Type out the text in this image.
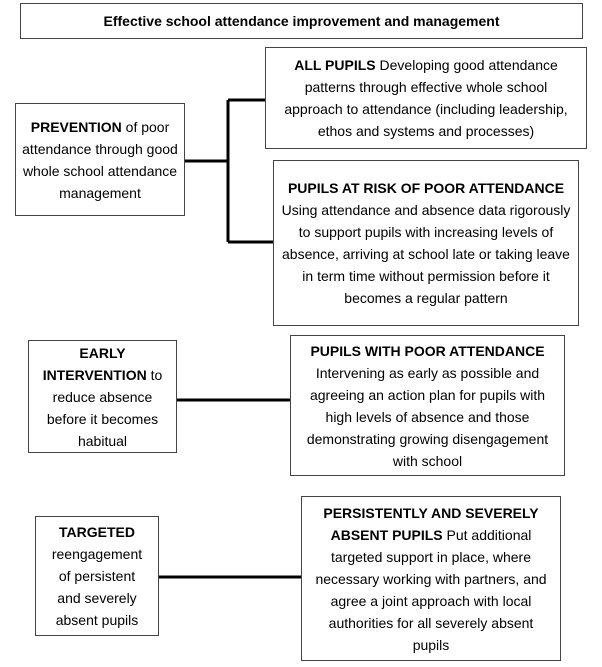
Effective school attendance improvement and management
PREVENTION of poor attendance through good whole school attendance management
ALL PUPILS Developing good attendance patterns through effective whole school approach to attendance (including leadership, ethos and systems and processes)
PUPILS AT RISK OF POOR ATTENDANCE Using attendance and absence data rigorously to support pupils with increasing levels of absence, arriving at school late or taking leave in term time without permission before it becomes a regular pattern
EARLY INTERVENTION to reduce absence before it becomes habitual
PUPILS WITH POOR ATTENDANCE Intervening as early as possible and agreeing an action plan for pupils with high levels of absence and those demonstrating growing disengagement with school
TARGETED reengagement of persistent and severely absent pupils
PERSISTENTLY AND SEVERELY ABSENT PUPILS Put additional targeted support in place, where necessary working with partners, and agree a joint approach with local authorities for all severely absent pupils
